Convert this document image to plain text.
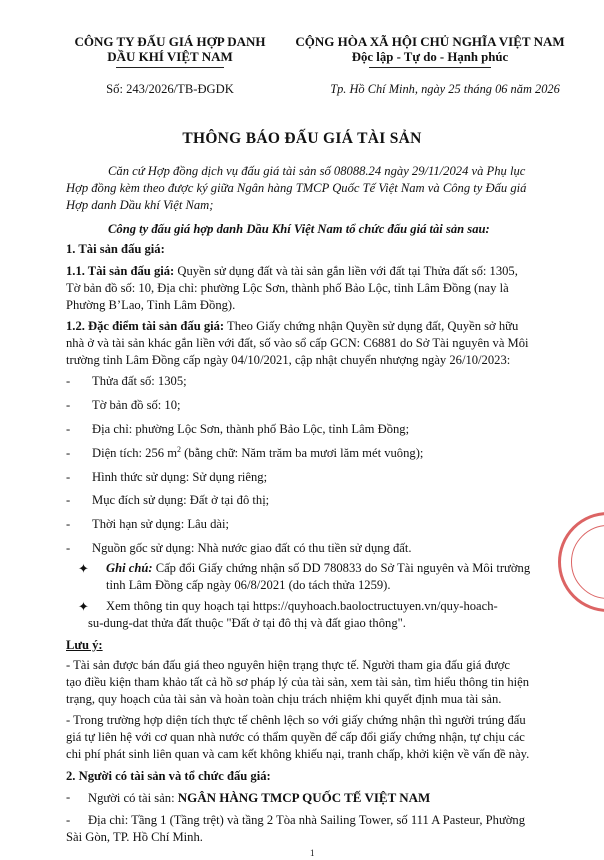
CÔNG TY ĐẤU GIÁ HỢP DANH
DẦU KHÍ VIỆT NAM
Số: 243/2026/TB-ĐGDK
CỘNG HÒA XÃ HỘI CHỦ NGHĨA VIỆT NAM
Độc lập - Tự do - Hạnh phúc
Tp. Hồ Chí Minh, ngày 25 tháng 06 năm 2026
THÔNG BÁO ĐẤU GIÁ TÀI SẢN
Căn cứ Hợp đồng dịch vụ đấu giá tài sản số 08088.24 ngày 29/11/2024 và Phụ lục
Hợp đồng kèm theo được ký giữa Ngân hàng TMCP Quốc Tế Việt Nam và Công ty Đấu giá
Hợp danh Dầu khí Việt Nam;
Công ty đấu giá hợp danh Dầu Khí Việt Nam tổ chức đấu giá tài sản sau:
1. Tài sản đấu giá:
1.1. Tài sản đấu giá: Quyền sử dụng đất và tài sản gắn liền với đất tại Thửa đất số: 1305,
Tờ bản đồ số: 10, Địa chỉ: phường Lộc Sơn, thành phố Bảo Lộc, tỉnh Lâm Đồng (nay là
Phường B’Lao, Tỉnh Lâm Đồng).
1.2. Đặc điểm tài sản đấu giá: Theo Giấy chứng nhận Quyền sử dụng đất, Quyền sở hữu
nhà ở và tài sản khác gắn liền với đất, số vào sổ cấp GCN: C6881 do Sở Tài nguyên và Môi
trường tỉnh Lâm Đồng cấp ngày 04/10/2021, cập nhật chuyển nhượng ngày 26/10/2023:
- Thửa đất số: 1305;
- Tờ bản đồ số: 10;
- Địa chỉ: phường Lộc Sơn, thành phố Bảo Lộc, tỉnh Lâm Đồng;
- Diện tích: 256 $m^2$ (bằng chữ: Năm trăm ba mươi lăm mét vuông);
- Hình thức sử dụng: Sử dụng riêng;
- Mục đích sử dụng: Đất ở tại đô thị;
- Thời hạn sử dụng: Lâu dài;
- Nguồn gốc sử dụng: Nhà nước giao đất có thu tiền sử dụng đất.
✦ Ghi chú: Cấp đổi Giấy chứng nhận số DD 780833 do Sở Tài nguyên và Môi trường
tỉnh Lâm Đồng cấp ngày 06/8/2021 (do tách thửa 1259).
✦ Xem thông tin quy hoạch tại https://quyhoach.baoloctructuyen.vn/quy-hoach-
su-dung-dat thửa đất thuộc "Đất ở tại đô thị và đất giao thông".
Lưu ý:
- Tài sản được bán đấu giá theo nguyên hiện trạng thực tế. Người tham gia đấu giá được
tạo điều kiện tham khảo tất cả hồ sơ pháp lý của tài sản, xem tài sản, tìm hiểu thông tin hiện
trạng, quy hoạch của tài sản và hoàn toàn chịu trách nhiệm khi quyết định mua tài sản.
- Trong trường hợp diện tích thực tế chênh lệch so với giấy chứng nhận thì người trúng đấu
giá tự liên hệ với cơ quan nhà nước có thẩm quyền để cấp đổi giấy chứng nhận, tự chịu các
chi phí phát sinh liên quan và cam kết không khiếu nại, tranh chấp, khởi kiện về vấn đề này.
2. Người có tài sản và tổ chức đấu giá:
- Người có tài sản: NGÂN HÀNG TMCP QUỐC TẾ VIỆT NAM
- Địa chỉ: Tầng 1 (Tầng trệt) và tầng 2 Tòa nhà Sailing Tower, số 111 A Pasteur, Phường
Sài Gòn, TP. Hồ Chí Minh.
1
